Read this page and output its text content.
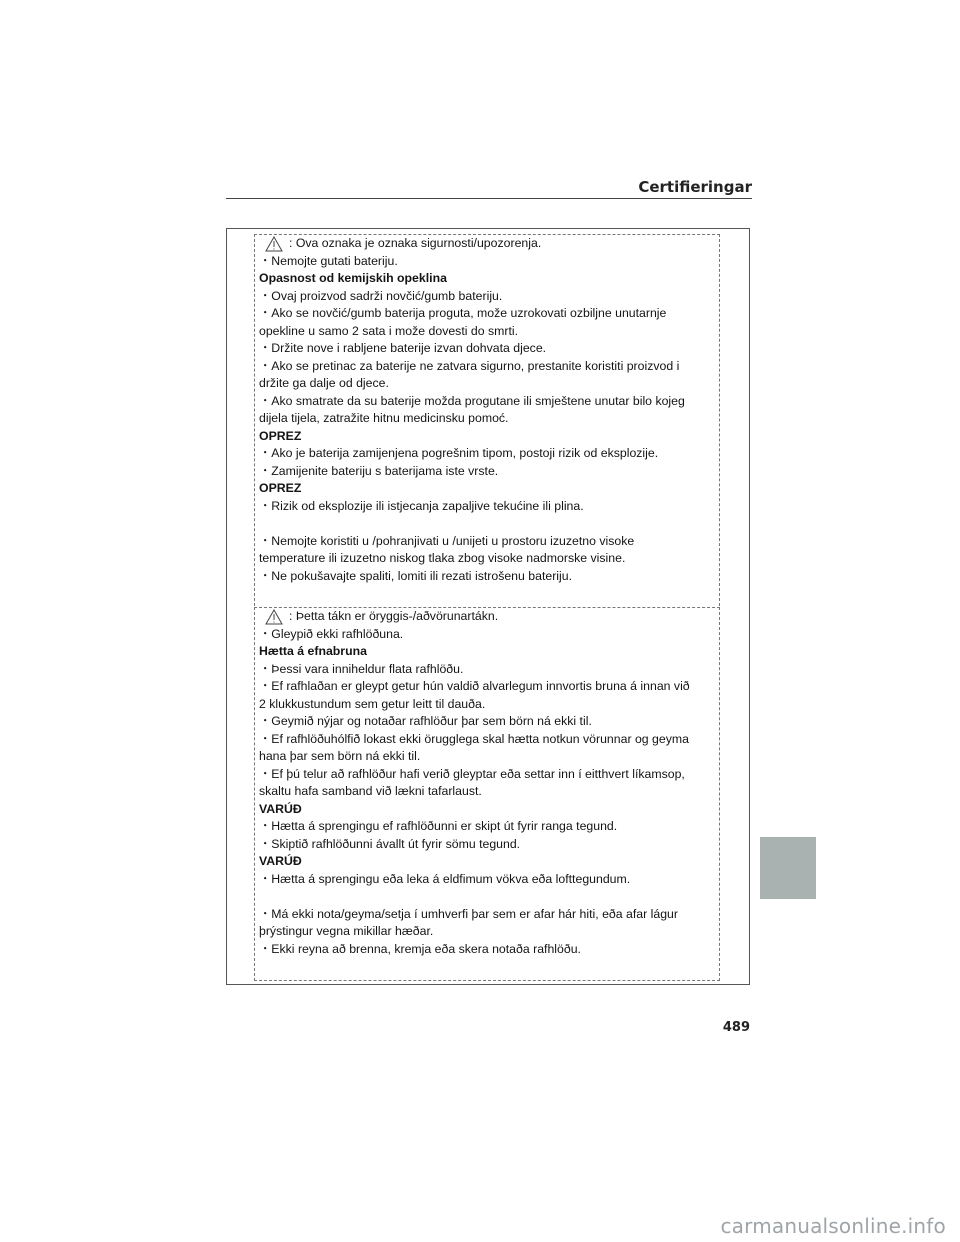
Certifieringar
: Ova oznaka je oznaka sigurnosti/upozorenja.
・Nemojte gutati bateriju.
Opasnost od kemijskih opeklina
・Ovaj proizvod sadrži novčić/gumb bateriju.
・Ako se novčić/gumb baterija proguta, može uzrokovati ozbiljne unutarnje
opekline u samo 2 sata i može dovesti do smrti.
・Držite nove i rabljene baterije izvan dohvata djece.
・Ako se pretinac za baterije ne zatvara sigurno, prestanite koristiti proizvod i
držite ga dalje od djece.
・Ako smatrate da su baterije možda progutane ili smještene unutar bilo kojeg
dijela tijela, zatražite hitnu medicinsku pomoć.
OPREZ
・Ako je baterija zamijenjena pogrešnim tipom, postoji rizik od eksplozije.
・Zamijenite bateriju s baterijama iste vrste.
OPREZ
・Rizik od eksplozije ili istjecanja zapaljive tekućine ili plina.
・Nemojte koristiti u /pohranjivati u /unijeti u prostoru izuzetno visoke
temperature ili izuzetno niskog tlaka zbog visoke nadmorske visine.
・Ne pokušavajte spaliti, lomiti ili rezati istrošenu bateriju.
: Þetta tákn er öryggis-/aðvörunartákn.
・Gleypið ekki rafhlöðuna.
Hætta á efnabruna
・Þessi vara inniheldur flata rafhlöðu.
・Ef rafhlaðan er gleypt getur hún valdið alvarlegum innvortis bruna á innan við
2 klukkustundum sem getur leitt til dauða.
・Geymið nýjar og notaðar rafhlöður þar sem börn ná ekki til.
・Ef rafhlöðuhólfið lokast ekki örugglega skal hætta notkun vörunnar og geyma
hana þar sem börn ná ekki til.
・Ef þú telur að rafhlöður hafi verið gleyptar eða settar inn í eitthvert líkamsop,
skaltu hafa samband við lækni tafarlaust.
VARÚÐ
・Hætta á sprengingu ef rafhlöðunni er skipt út fyrir ranga tegund.
・Skiptið rafhlöðunni ávallt út fyrir sömu tegund.
VARÚÐ
・Hætta á sprengingu eða leka á eldfimum vökva eða lofttegundum.
・Má ekki nota/geyma/setja í umhverfi þar sem er afar hár hiti, eða afar lágur
þrýstingur vegna mikillar hæðar.
・Ekki reyna að brenna, kremja eða skera notaða rafhlöðu.
489
carmanualsonline.info
